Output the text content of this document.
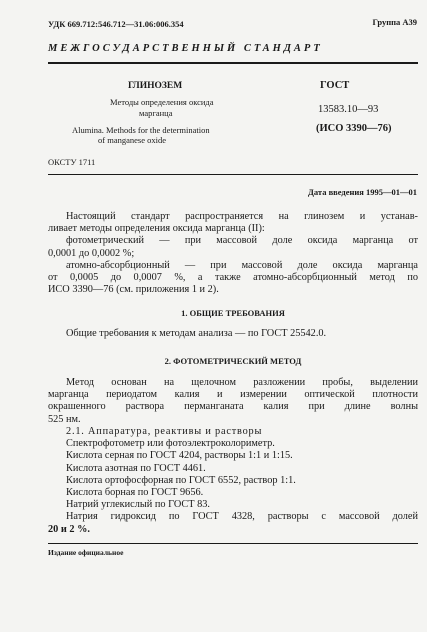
УДК 669.712:546.712—31.06:006.354	Группа А39
МЕЖГОСУДАРСТВЕННЫЙ СТАНДАРТ
ГЛИНОЗЕМ
Методы определения оксида
марганца
Alumina. Methods for the determination
of manganese oxide
ГОСТ
13583.10—93
(ИСО 3390—76)
ОКСТУ 1711
Дата введения 1995—01—01
Настоящий стандарт распространяется на глинозем и устанав-
ливает методы определения оксида марганца (II):
фотометрический — при массовой доле оксида марганца от
0,0001 до 0,0002 %;
атомно-абсорбционный — при массовой доле оксида марганца
от 0,0005 до 0,0007 %, а также атомно-абсорбционный метод по
ИСО 3390—76 (см. приложения 1 и 2).
1. ОБЩИЕ ТРЕБОВАНИЯ
Общие требования к методам анализа — по ГОСТ 25542.0.
2. ФОТОМЕТРИЧЕСКИЙ МЕТОД
Метод основан на щелочном разложении пробы, выделении
марганца периодатом калия и измерении оптической плотности
окрашенного раствора перманганата калия при длине волны
525 нм.
2.1. Аппаратура, реактивы и растворы
Спектрофотометр или фотоэлектроколориметр.
Кислота серная по ГОСТ 4204, растворы 1:1 и 1:15.
Кислота азотная по ГОСТ 4461.
Кислота ортофосфорная по ГОСТ 6552, раствор 1:1.
Кислота борная по ГОСТ 9656.
Натрий углекислый по ГОСТ 83.
Натрия гидроксид по ГОСТ 4328, растворы с массовой долей
20 и 2 %.
Издание официальное
